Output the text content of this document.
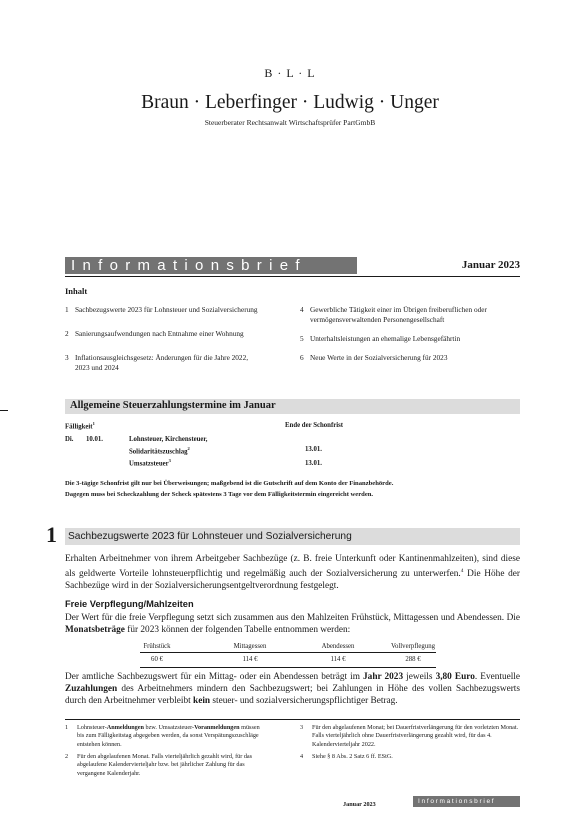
B · L · L
Braun · Leberfinger · Ludwig · Unger
Steuerberater Rechtsanwalt Wirtschaftsprüfer PartGmbB
Informationsbrief	Januar 2023
Inhalt
1 Sachbezugswerte 2023 für Lohnsteuer und Sozialversicherung
2 Sanierungsaufwendungen nach Entnahme einer Wohnung
3 Inflationsausgleichsgesetz: Änderungen für die Jahre 2022, 2023 und 2024
4 Gewerbliche Tätigkeit einer im Übrigen freiberuflichen oder vermögensverwaltenden Personengesellschaft
5 Unterhaltsleistungen an ehemalige Lebensgefährtin
6 Neue Werte in der Sozialversicherung für 2023
Allgemeine Steuerzahlungstermine im Januar
Fälligkeit$^1$	Ende der Schonfrist
Di. 10.01.	Lohnsteuer, Kirchensteuer, Solidaritätszuschlag$^2$	13.01.
Umsatzsteuer$^3$	13.01.
Die 3-tägige Schonfrist gilt nur bei Überweisungen; maßgebend ist die Gutschrift auf dem Konto der Finanzbehörde.
Dagegen muss bei Scheckzahlung der Scheck spätestens 3 Tage vor dem Fälligkeitstermin eingereicht werden.
1 Sachbezugswerte 2023 für Lohnsteuer und Sozialversicherung
Erhalten Arbeitnehmer von ihrem Arbeitgeber Sachbezüge (z. B. freie Unterkunft oder Kantinenmahlzeiten), sind diese als geldwerte Vorteile lohnsteuerpflichtig und regelmäßig auch der Sozialversicherung zu unterwerfen.$^4$ Die Höhe der Sachbezüge wird in der Sozialversicherungsentgeltverordnung festgelegt.
Freie Verpflegung/Mahlzeiten
Der Wert für die freie Verpflegung setzt sich zusammen aus den Mahlzeiten Frühstück, Mittagessen und Abendessen. Die Monatsbeträge für 2023 können der folgenden Tabelle entnommen werden:
Frühstück	Mittagessen	Abendessen	Vollverpflegung
60 €	114 €	114 €	288 €
Der amtliche Sachbezugswert für ein Mittag- oder ein Abendessen beträgt im Jahr 2023 jeweils 3,80 Euro. Eventuelle Zuzahlungen des Arbeitnehmers mindern den Sachbezugswert; bei Zahlungen in Höhe des vollen Sachbezugswerts durch den Arbeitnehmer verbleibt kein steuer- und sozialversicherungspflichtiger Betrag.
1 Lohnsteuer-Anmeldungen bzw. Umsatzsteuer-Voranmeldungen müssen bis zum Fälligkeitstag abgegeben werden, da sonst Verspätungszuschläge entstehen können.
2 Für den abgelaufenen Monat. Falls vierteljährlich gezahlt wird, für das abgelaufene Kalendervierteljahr bzw. bei jährlicher Zahlung für das vergangene Kalenderjahr.
3 Für den abgelaufenen Monat; bei Dauerfristverlängerung für den vorletzten Monat. Falls vierteljährlich ohne Dauerfristverlängerung gezahlt wird, für das 4. Kalendervierteljahr 2022.
4 Siehe § 8 Abs. 2 Satz 6 ff. EStG.
Januar 2023	Informationsbrief
